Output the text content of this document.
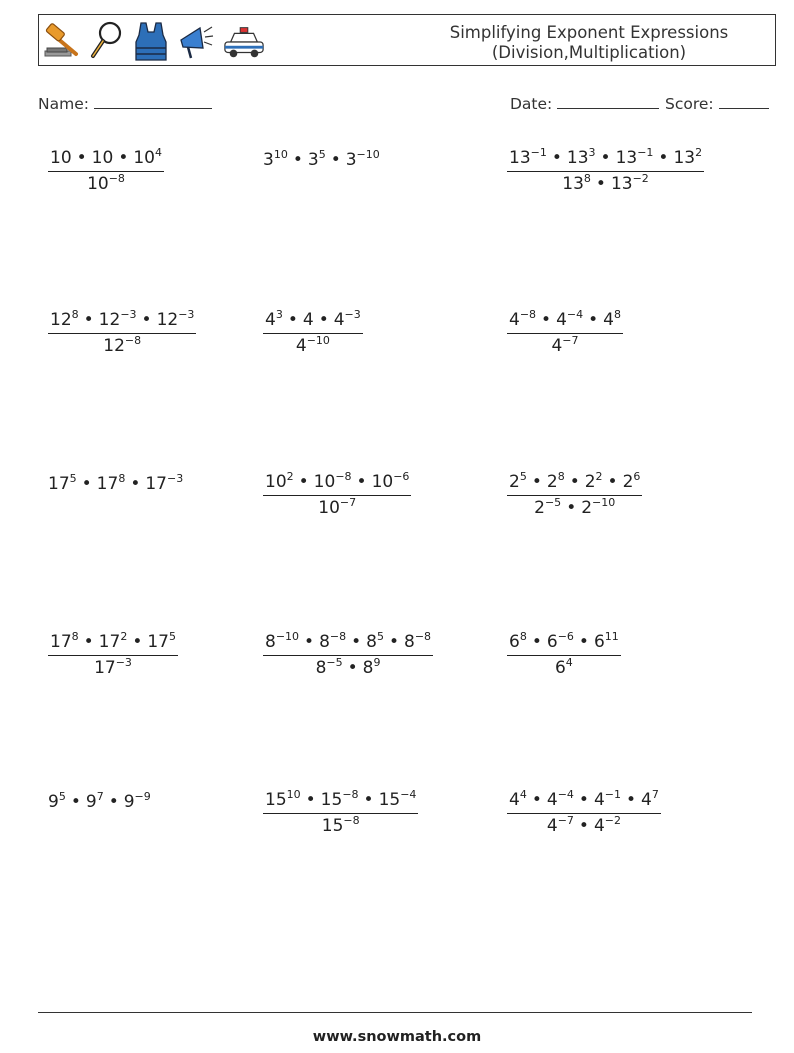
Simplifying Exponent Expressions
(Division,Multiplication)
Name:	Date:	Score:
$\frac{10 • 10 • 10^4}{10^{-8}}$	$3^{10}$ • $3^5$ • $3^{-10}$	$\frac{13^{-1} • 13^3 • 13^{-1} • 13^2}{13^8 • 13^{-2}}$
$\frac{12^8 • 12^{-3} • 12^{-3}}{12^{-8}}$	$\frac{4^3 • 4 • 4^{-3}}{4^{-10}}$	$\frac{4^{-8} • 4^{-4} • 4^8}{4^{-7}}$
$17^5$ • $17^8$ • $17^{-3}$	$\frac{10^2 • 10^{-8} • 10^{-6}}{10^{-7}}$	$\frac{2^5 • 2^8 • 2^2 • 2^6}{2^{-5} • 2^{-10}}$
$\frac{17^8 • 17^2 • 17^5}{17^{-3}}$	$\frac{8^{-10} • 8^{-8} • 8^5 • 8^{-8}}{8^{-5} • 8^9}$	$\frac{6^8 • 6^{-6} • 6^{11}}{6^4}$
$9^5$ • $9^7$ • $9^{-9}$	$\frac{15^{10} • 15^{-8} • 15^{-4}}{15^{-8}}$	$\frac{4^4 • 4^{-4} • 4^{-1} • 4^7}{4^{-7} • 4^{-2}}$
www.snowmath.com
